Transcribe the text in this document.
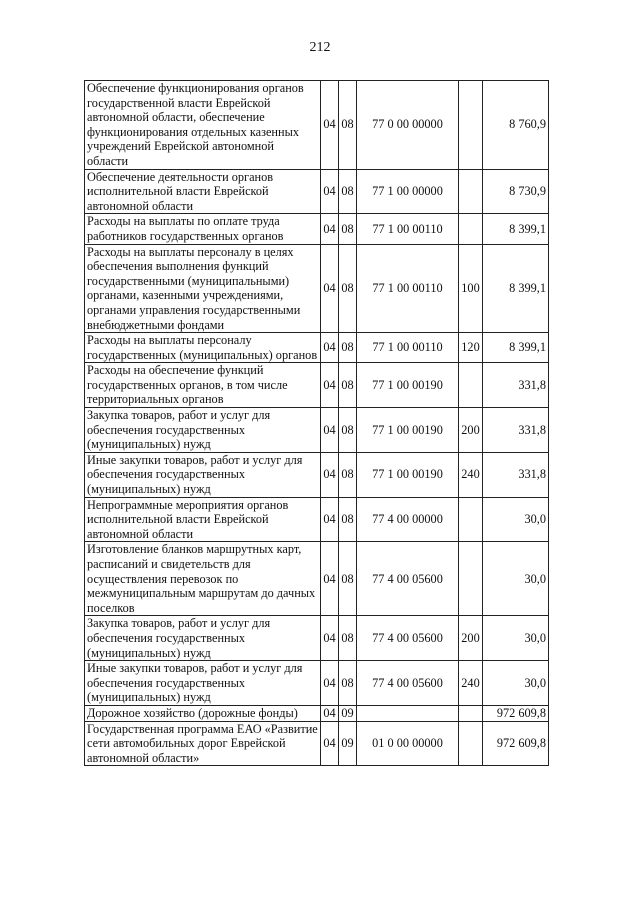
212
Обеспечение функционирования органов государственной власти Еврейской автономной области, обеспечение функционирования отдельных казенных учреждений Еврейской автономной области	04	08	77 0 00 00000		8 760,9
Обеспечение деятельности органов исполнительной власти Еврейской автономной области	04	08	77 1 00 00000		8 730,9
Расходы на выплаты по оплате труда работников государственных органов	04	08	77 1 00 00110		8 399,1
Расходы на выплаты персоналу в целях обеспечения выполнения функций государственными (муниципальными) органами, казенными учреждениями, органами управления государственными внебюджетными фондами	04	08	77 1 00 00110	100	8 399,1
Расходы на выплаты персоналу государственных (муниципальных) органов	04	08	77 1 00 00110	120	8 399,1
Расходы на обеспечение функций государственных органов, в том числе территориальных органов	04	08	77 1 00 00190		331,8
Закупка товаров, работ и услуг для обеспечения государственных (муниципальных) нужд	04	08	77 1 00 00190	200	331,8
Иные закупки товаров, работ и услуг для обеспечения государственных (муниципальных) нужд	04	08	77 1 00 00190	240	331,8
Непрограммные мероприятия органов исполнительной власти Еврейской автономной области	04	08	77 4 00 00000		30,0
Изготовление бланков маршрутных карт, расписаний и свидетельств для осуществления перевозок по межмуниципальным маршрутам до дачных поселков	04	08	77 4 00 05600		30,0
Закупка товаров, работ и услуг для обеспечения государственных (муниципальных) нужд	04	08	77 4 00 05600	200	30,0
Иные закупки товаров, работ и услуг для обеспечения государственных (муниципальных) нужд	04	08	77 4 00 05600	240	30,0
Дорожное хозяйство (дорожные фонды)	04	09			972 609,8
Государственная программа ЕАО «Развитие сети автомобильных дорог Еврейской автономной области»	04	09	01 0 00 00000		972 609,8
